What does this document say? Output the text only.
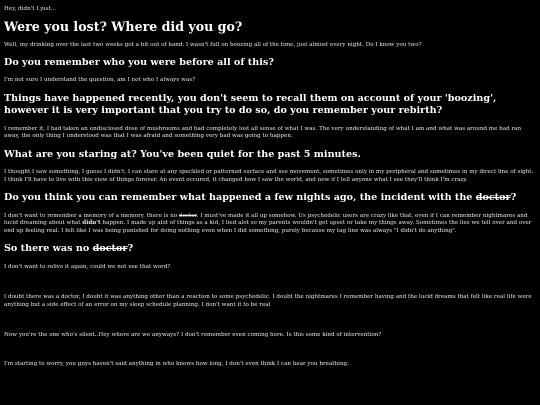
Hey, didn't I just...

Were you lost? Where did you go?

Well, my drinking over the last two weeks got a bit out of hand. I wasn't full on boozing all of the time, just almost every night. Do I know you two?

Do you remember who you were before all of this?

I'm not sure I understand the question, am I not who I always was?

Things have happened recently, you don't seem to recall them on account of your 'boozing', however it is very important that you try to do so, do you remember your rebirth?

I remember it, I had taken an undisclosed dose of mushrooms and had completely lost all sense of what I was. The very understanding of what I am and what was around me had ran away, the only thing I understood was that I was afraid and something very bad was going to happen.

What are you staring at? You've been quiet for the past 5 minutes.

I thought I saw something, I guess I didn't. I can stare at any speckled or patterned surface and see movement, sometimes only in my peripheral and sometimes in my direct line of sight. I think I'll have to live with this view of things forever. An event occured, it changed how I saw the world, and now if I tell anyone what I see they'll think I'm crazy.

Do you think you can remember what happened a few nights ago, the incident with the doctor?

I don't want to remember a memory of a memory, there is no doctor. I must've made it all up somehow. Us psychedelic users are crazy like that, even if I can remember nightmares and lucid dreaming about what didn't happen. I made up alot of things as a kid, I lied alot so my parents wouldn't get upset or take my things away. Sometimes the lies we tell over and over end up feeling real. I felt like I was being punished for doing nothing even when I did something, purely because my tag line was always "I didn't do anything".

So there was no doctor?

I don't want to relive it again, could we not use that word?

I doubt there was a doctor, I doubt it was anything other than a reaction to some psychedelic. I doubt the nightmares I remember having and the lucid dreams that felt like real life were anything but a side effect of an error on my sleep schedule planning. I don't want it to be real

Now you're the one who's silent..Hey where are we anyways? I don't remember even coming here. Is this some kind of intervention?

I'm starting to worry, you guys haven't said anything in who knows how long, I don't even think I can hear you breathing.
